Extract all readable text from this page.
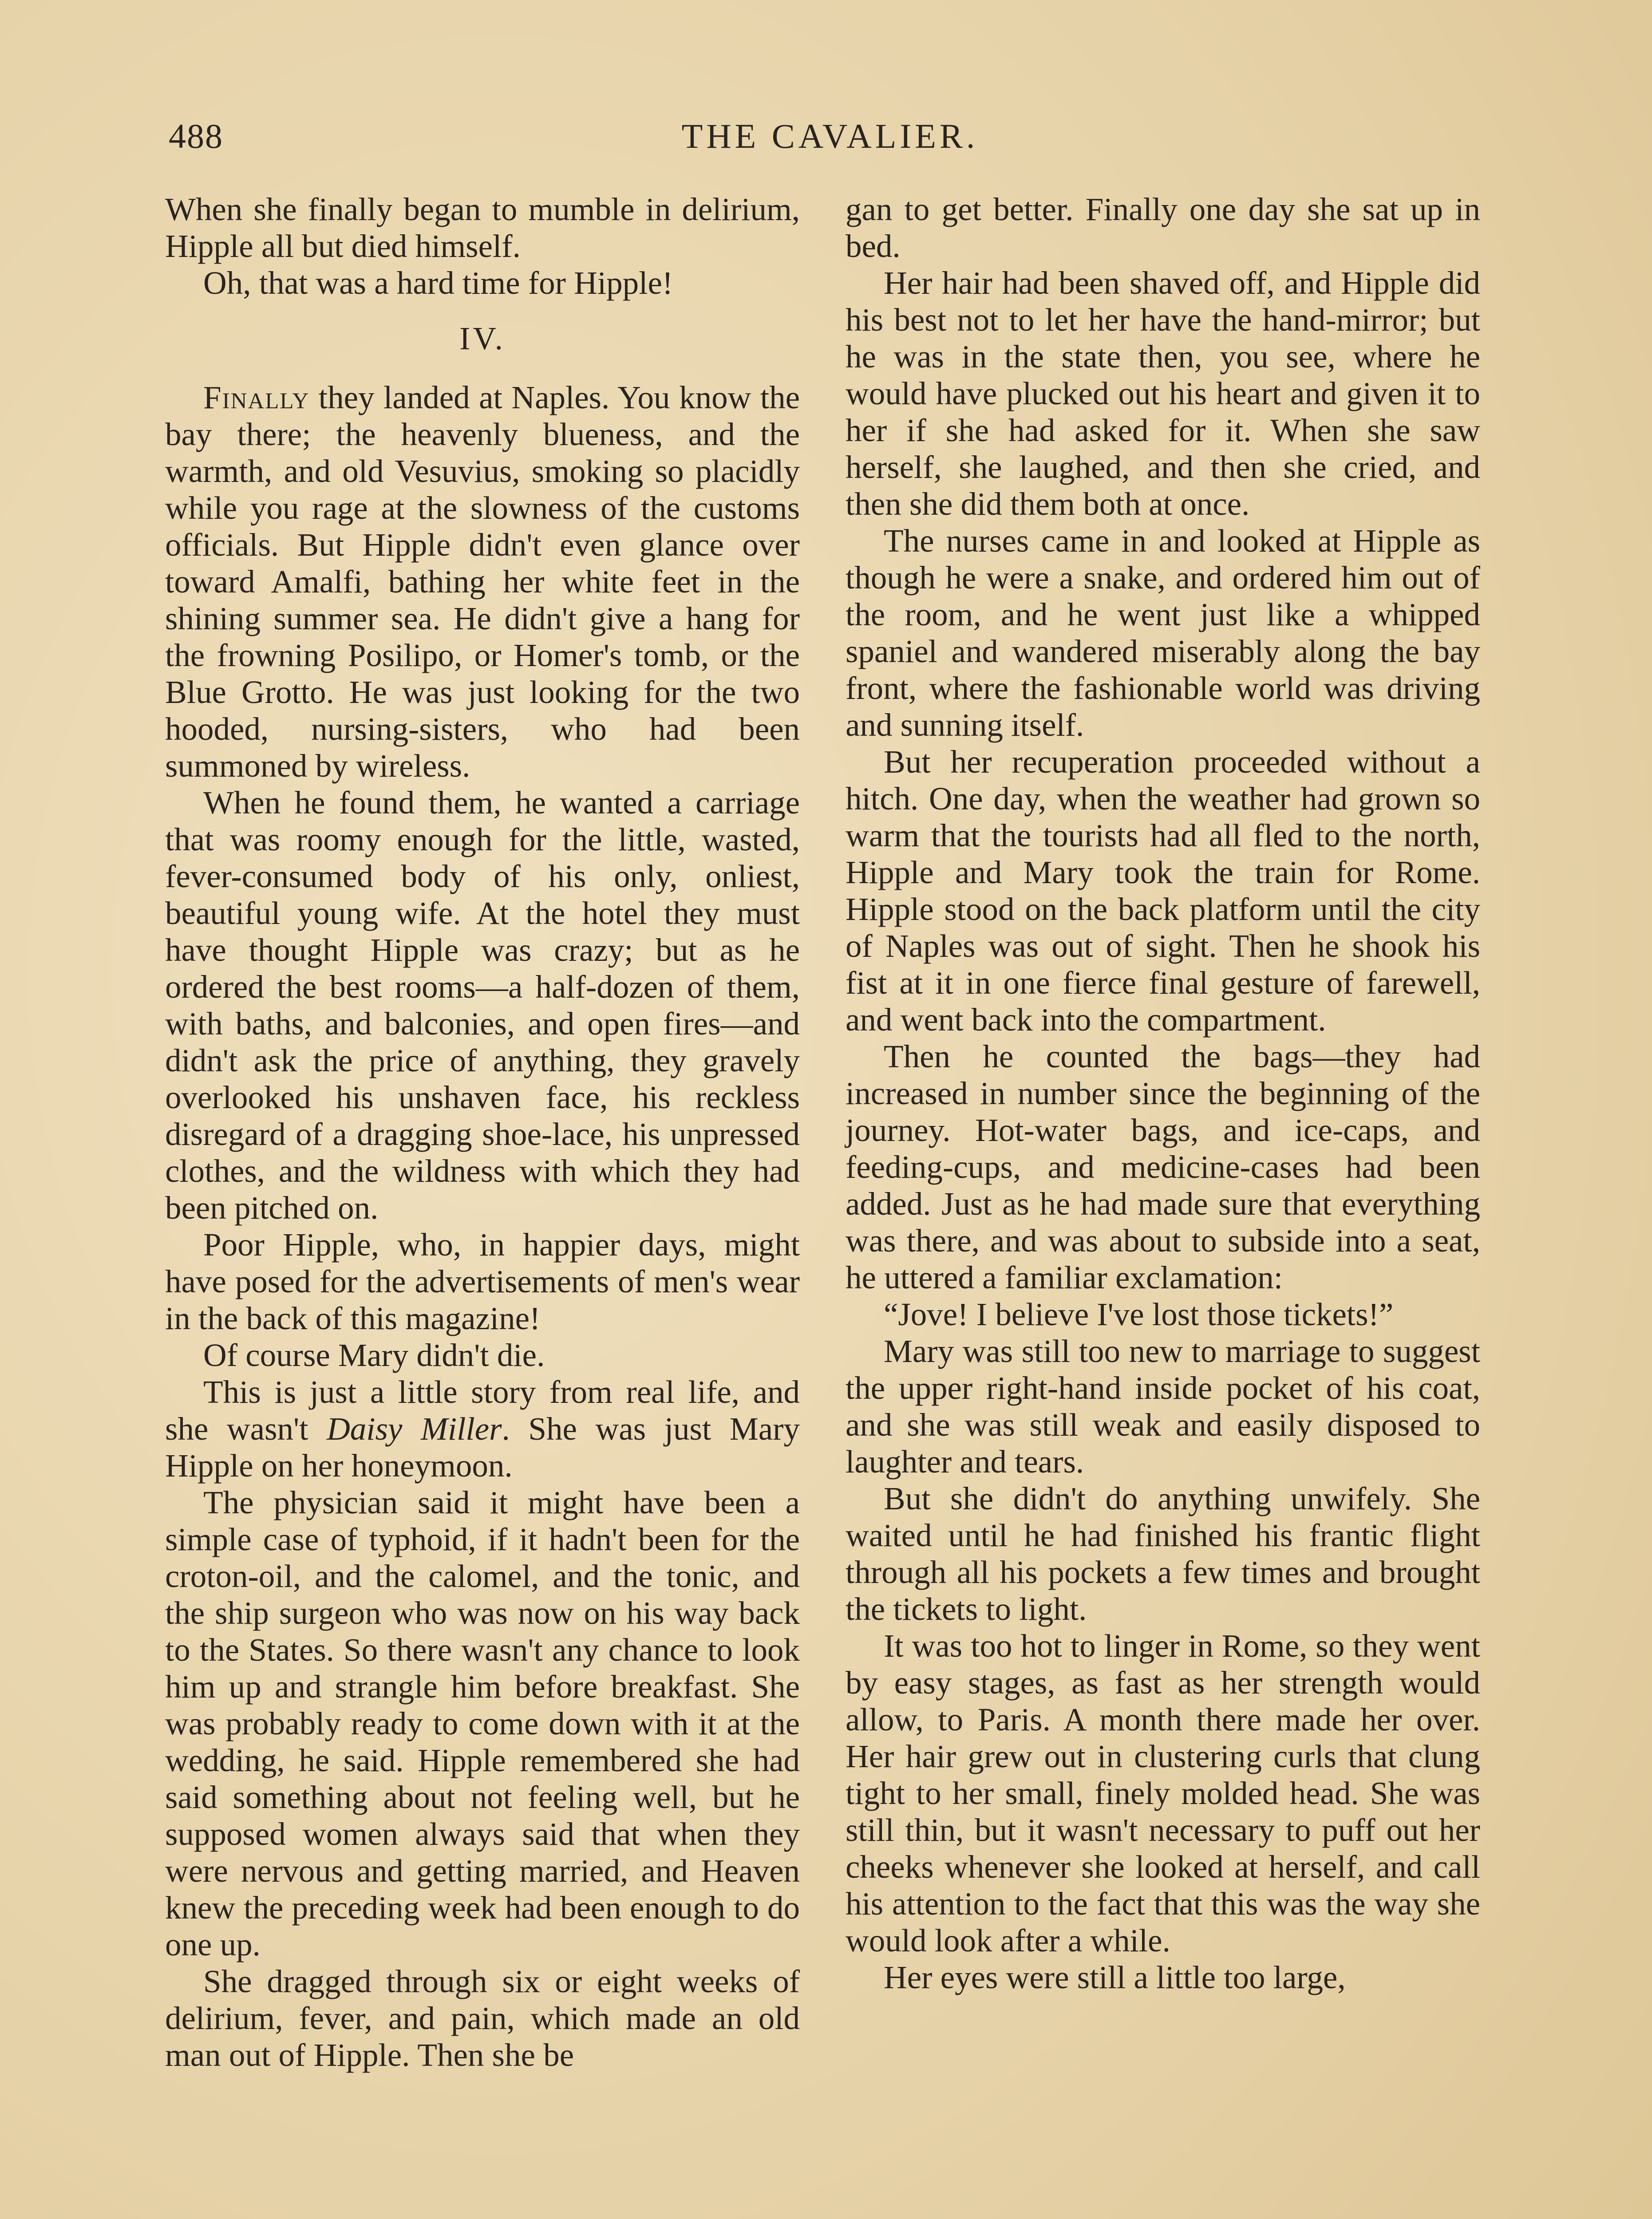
488	THE CAVALIER.

When she finally began to mumble in delirium, Hipple all but died himself.

Oh, that was a hard time for Hipple!

IV.

Finally they landed at Naples. You know the bay there; the heavenly blueness, and the warmth, and old Vesuvius, smoking so placidly while you rage at the slowness of the customs officials. But Hipple didn't even glance over toward Amalfi, bathing her white feet in the shining summer sea. He didn't give a hang for the frowning Posilipo, or Homer's tomb, or the Blue Grotto. He was just looking for the two hooded, nursing-sisters, who had been summoned by wireless.

When he found them, he wanted a carriage that was roomy enough for the little, wasted, fever-consumed body of his only, onliest, beautiful young wife. At the hotel they must have thought Hipple was crazy; but as he ordered the best rooms—a half-dozen of them, with baths, and balconies, and open fires—and didn't ask the price of anything, they gravely overlooked his unshaven face, his reckless disregard of a dragging shoe-lace, his unpressed clothes, and the wildness with which they had been pitched on.

Poor Hipple, who, in happier days, might have posed for the advertisements of men's wear in the back of this magazine!

Of course Mary didn't die.

This is just a little story from real life, and she wasn't Daisy Miller. She was just Mary Hipple on her honeymoon.

The physician said it might have been a simple case of typhoid, if it hadn't been for the croton-oil, and the calomel, and the tonic, and the ship surgeon who was now on his way back to the States. So there wasn't any chance to look him up and strangle him before breakfast. She was probably ready to come down with it at the wedding, he said. Hipple remembered she had said something about not feeling well, but he supposed women always said that when they were nervous and getting married, and Heaven knew the preceding week had been enough to do one up.

She dragged through six or eight weeks of delirium, fever, and pain, which made an old man out of Hipple. Then she be

gan to get better. Finally one day she sat up in bed.

Her hair had been shaved off, and Hipple did his best not to let her have the hand-mirror; but he was in the state then, you see, where he would have plucked out his heart and given it to her if she had asked for it. When she saw herself, she laughed, and then she cried, and then she did them both at once.

The nurses came in and looked at Hipple as though he were a snake, and ordered him out of the room, and he went just like a whipped spaniel and wandered miserably along the bay front, where the fashionable world was driving and sunning itself.

But her recuperation proceeded without a hitch. One day, when the weather had grown so warm that the tourists had all fled to the north, Hipple and Mary took the train for Rome. Hipple stood on the back platform until the city of Naples was out of sight. Then he shook his fist at it in one fierce final gesture of farewell, and went back into the compartment.

Then he counted the bags—they had increased in number since the beginning of the journey. Hot-water bags, and ice-caps, and feeding-cups, and medicine-cases had been added. Just as he had made sure that everything was there, and was about to subside into a seat, he uttered a familiar exclamation:

“Jove! I believe I've lost those tickets!”

Mary was still too new to marriage to suggest the upper right-hand inside pocket of his coat, and she was still weak and easily disposed to laughter and tears.

But she didn't do anything unwifely. She waited until he had finished his frantic flight through all his pockets a few times and brought the tickets to light.

It was too hot to linger in Rome, so they went by easy stages, as fast as her strength would allow, to Paris. A month there made her over. Her hair grew out in clustering curls that clung tight to her small, finely molded head. She was still thin, but it wasn't necessary to puff out her cheeks whenever she looked at herself, and call his attention to the fact that this was the way she would look after a while.

Her eyes were still a little too large,
